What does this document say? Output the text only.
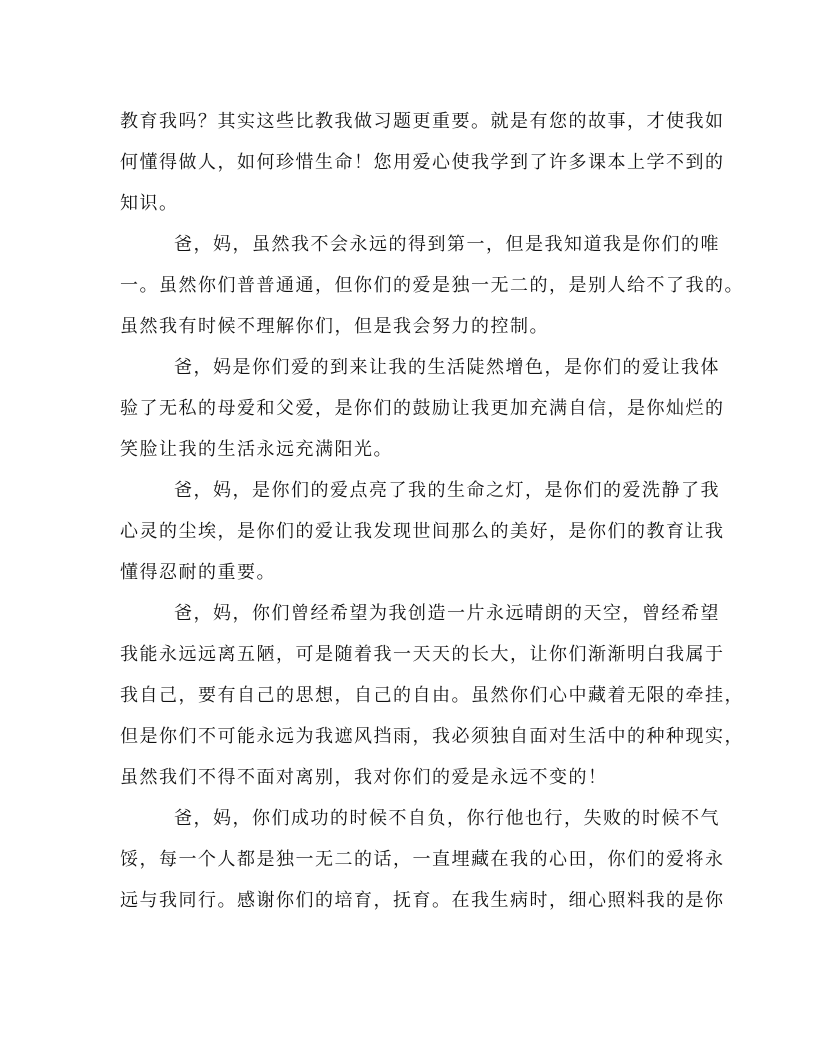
教育我吗？其实这些比教我做习题更重要。就是有您的故事，才使我如
何懂得做人，如何珍惜生命！您用爱心使我学到了许多课本上学不到的
知识。
爸，妈，虽然我不会永远的得到第一，但是我知道我是你们的唯
一。虽然你们普普通通，但你们的爱是独一无二的，是别人给不了我的。
虽然我有时候不理解你们，但是我会努力的控制。
爸，妈是你们爱的到来让我的生活陡然增色，是你们的爱让我体
验了无私的母爱和父爱，是你们的鼓励让我更加充满自信，是你灿烂的
笑脸让我的生活永远充满阳光。
爸，妈，是你们的爱点亮了我的生命之灯，是你们的爱洗静了我
心灵的尘埃，是你们的爱让我发现世间那么的美好，是你们的教育让我
懂得忍耐的重要。
爸，妈，你们曾经希望为我创造一片永远晴朗的天空，曾经希望
我能永远远离五陋，可是随着我一天天的长大，让你们渐渐明白我属于
我自己，要有自己的思想，自己的自由。虽然你们心中藏着无限的牵挂，
但是你们不可能永远为我遮风挡雨，我必须独自面对生活中的种种现实，
虽然我们不得不面对离别，我对你们的爱是永远不变的！
爸，妈，你们成功的时候不自负，你行他也行，失败的时候不气
馁，每一个人都是独一无二的话，一直埋藏在我的心田，你们的爱将永
远与我同行。感谢你们的培育，抚育。在我生病时，细心照料我的是你
